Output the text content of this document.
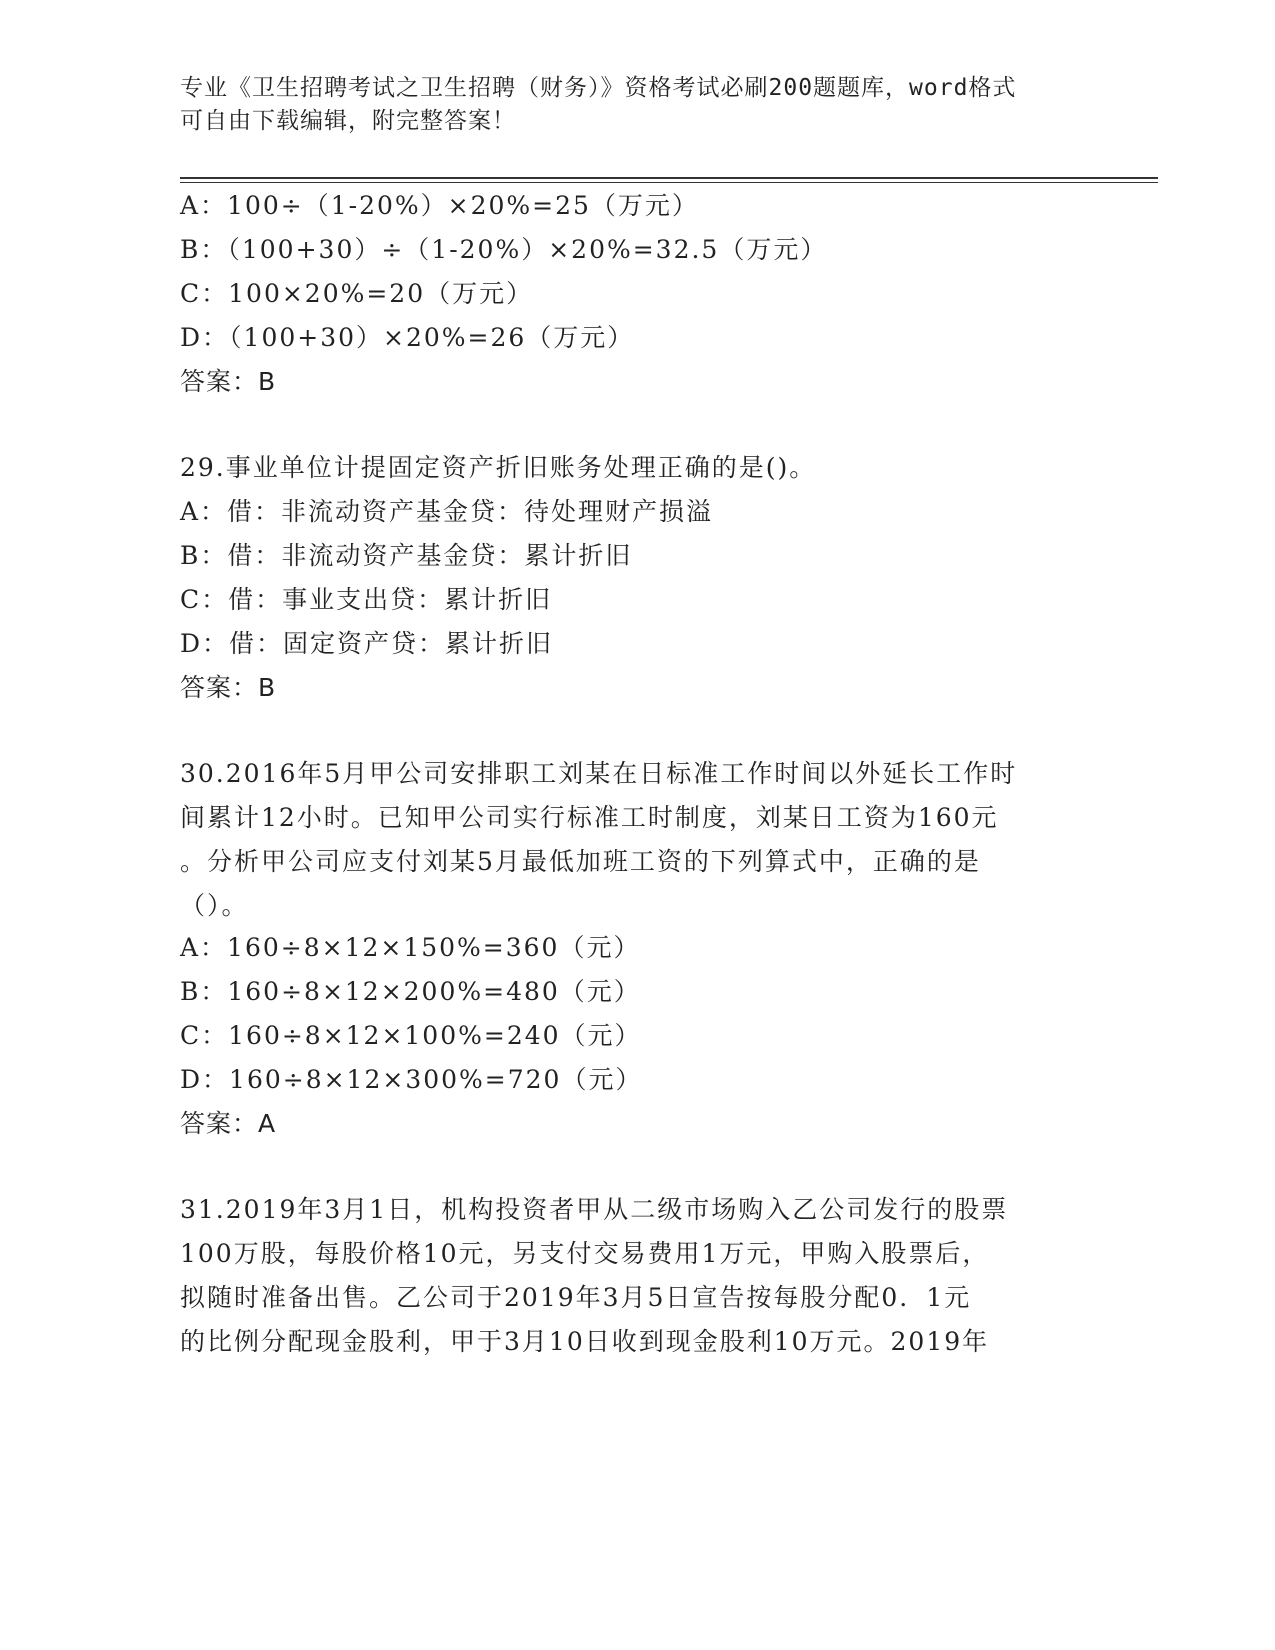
专业《卫生招聘考试之卫生招聘（财务）》资格考试必刷200题题库，word格式
可自由下载编辑，附完整答案！
A：100÷（1-20%）×20%=25（万元）
B：（100+30）÷（1-20%）×20%=32.5（万元）
C：100×20%=20（万元）
D：（100+30）×20%=26（万元）
答案：B
29.事业单位计提固定资产折旧账务处理正确的是()。
A：借：非流动资产基金贷：待处理财产损溢
B：借：非流动资产基金贷：累计折旧
C：借：事业支出贷：累计折旧
D：借：固定资产贷：累计折旧
答案：B
30.2016年5月甲公司安排职工刘某在日标准工作时间以外延长工作时
间累计12小时。已知甲公司实行标准工时制度，刘某日工资为160元
。分析甲公司应支付刘某5月最低加班工资的下列算式中，正确的是
（）。
A：160÷8×12×150%=360（元）
B：160÷8×12×200%=480（元）
C：160÷8×12×100%=240（元）
D：160÷8×12×300%=720（元）
答案：A
31.2019年3月1日，机构投资者甲从二级市场购入乙公司发行的股票
100万股，每股价格10元，另支付交易费用1万元，甲购入股票后，
拟随时准备出售。乙公司于2019年3月5日宣告按每股分配0．1元
的比例分配现金股利，甲于3月10日收到现金股利10万元。2019年
